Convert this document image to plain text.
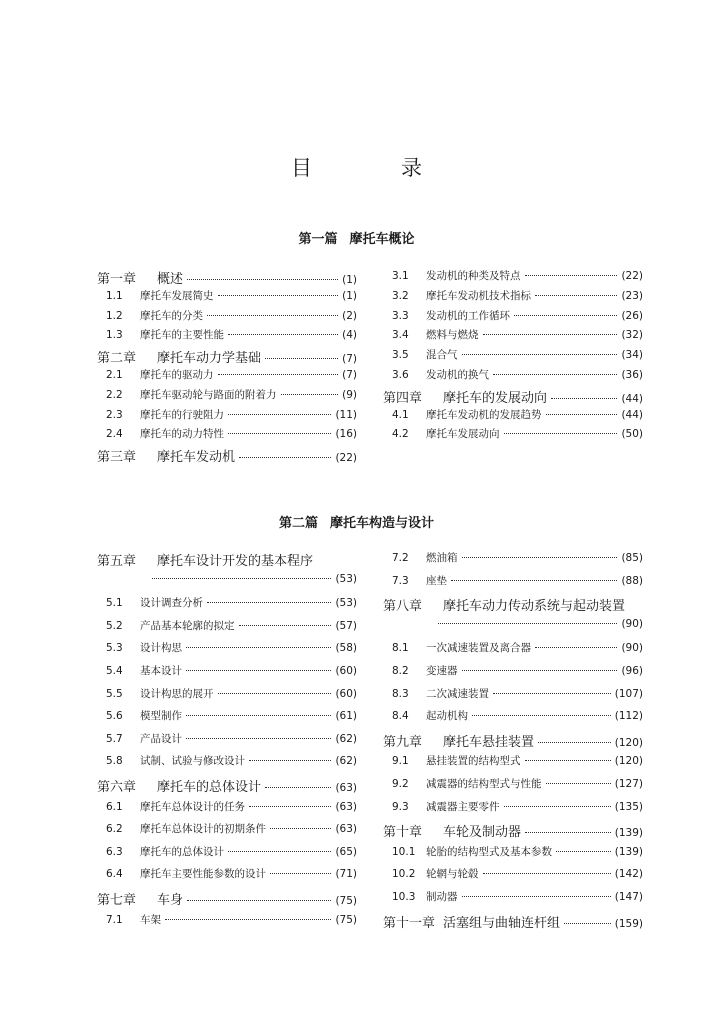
目　录
第一篇 摩托车概论
第一章	概述	(1)
1.1	摩托车发展简史	(1)
1.2	摩托车的分类	(2)
1.3	摩托车的主要性能	(4)
第二章	摩托车动力学基础	(7)
2.1	摩托车的驱动力	(7)
2.2	摩托车驱动轮与路面的附着力	(9)
2.3	摩托车的行驶阻力	(11)
2.4	摩托车的动力特性	(16)
第三章	摩托车发动机	(22)
3.1	发动机的种类及特点	(22)
3.2	摩托车发动机技术指标	(23)
3.3	发动机的工作循环	(26)
3.4	燃料与燃烧	(32)
3.5	混合气	(34)
3.6	发动机的换气	(36)
第四章	摩托车的发展动向	(44)
4.1	摩托车发动机的发展趋势	(44)
4.2	摩托车发展动向	(50)
第二篇 摩托车构造与设计
第五章	摩托车设计开发的基本程序
(53)
5.1	设计调查分析	(53)
5.2	产品基本轮廓的拟定	(57)
5.3	设计构思	(58)
5.4	基本设计	(60)
5.5	设计构思的展开	(60)
5.6	模型制作	(61)
5.7	产品设计	(62)
5.8	试制、试验与修改设计	(62)
第六章	摩托车的总体设计	(63)
6.1	摩托车总体设计的任务	(63)
6.2	摩托车总体设计的初期条件	(63)
6.3	摩托车的总体设计	(65)
6.4	摩托车主要性能参数的设计	(71)
第七章	车身	(75)
7.1	车架	(75)
7.2	燃油箱	(85)
7.3	座垫	(88)
第八章	摩托车动力传动系统与起动装置
(90)
8.1	一次减速装置及离合器	(90)
8.2	变速器	(96)
8.3	二次减速装置	(107)
8.4	起动机构	(112)
第九章	摩托车悬挂装置	(120)
9.1	悬挂装置的结构型式	(120)
9.2	减震器的结构型式与性能	(127)
9.3	减震器主要零件	(135)
第十章	车轮及制动器	(139)
10.1	轮胎的结构型式及基本参数	(139)
10.2	轮辋与轮毂	(142)
10.3	制动器	(147)
第十一章 活塞组与曲轴连杆组	(159)
